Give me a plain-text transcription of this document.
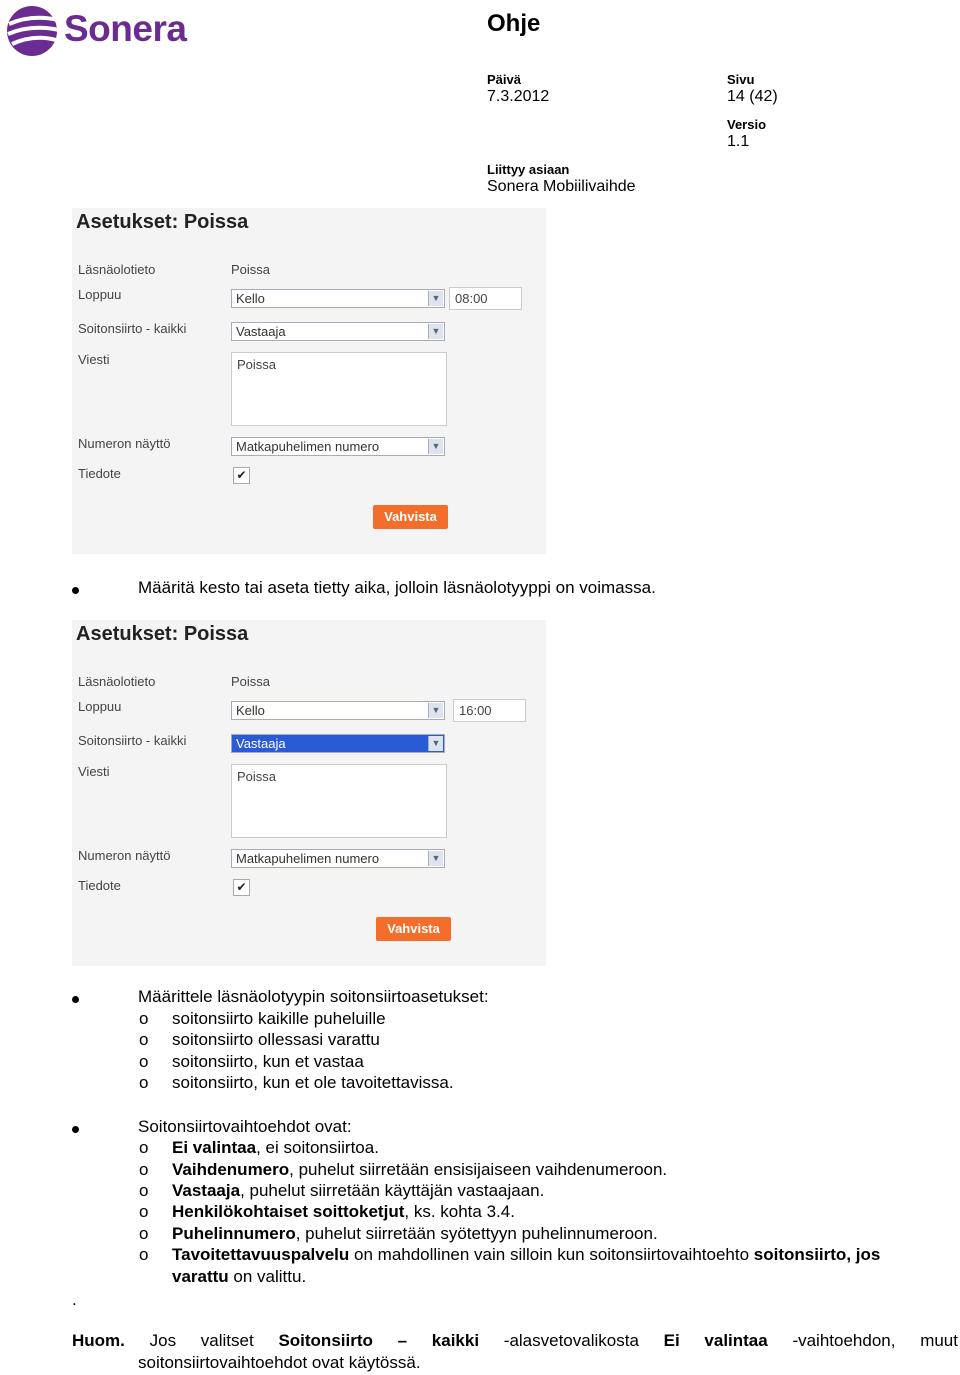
Sonera	Ohje
Päivä
7.3.2012
Sivu
14 (42)
Versio
1.1
Liittyy asiaan
Sonera Mobiilivaihde
Asetukset: Poissa
Läsnäolotieto	Poissa
Loppuu	Kello	▼	08:00
Soitonsiirto - kaikki	Vastaaja	▼
Viesti	Poissa
Numeron näyttö	Matkapuhelimen numero	▼
Tiedote	✔
Vahvista
Määritä kesto tai aseta tietty aika, jolloin läsnäolotyyppi on voimassa.
Asetukset: Poissa
Läsnäolotieto	Poissa
Loppuu	Kello	▼	16:00
Soitonsiirto - kaikki	Vastaaja	▼
Viesti	Poissa
Numeron näyttö	Matkapuhelimen numero	▼
Tiedote	✔
Vahvista
Määrittele läsnäolotyypin soitonsiirtoasetukset:
o soitonsiirto kaikille puheluille
o soitonsiirto ollessasi varattu
o soitonsiirto, kun et vastaa
o soitonsiirto, kun et ole tavoitettavissa.
Soitonsiirtovaihtoehdot ovat:
o Ei valintaa, ei soitonsiirtoa.
o Vaihdenumero, puhelut siirretään ensisijaiseen vaihdenumeroon.
o Vastaaja, puhelut siirretään käyttäjän vastaajaan.
o Henkilökohtaiset soittoketjut, ks. kohta 3.4.
o Puhelinnumero, puhelut siirretään syötettyyn puhelinnumeroon.
o Tavoitettavuuspalvelu on mahdollinen vain silloin kun soitonsiirtovaihtoehto soitonsiirto, jos
varattu on valittu.
.
Huom. Jos valitset Soitonsiirto – kaikki -alasvetovalikosta Ei valintaa -vaihtoehdon, muut
soitonsiirtovaihtoehdot ovat käytössä.
